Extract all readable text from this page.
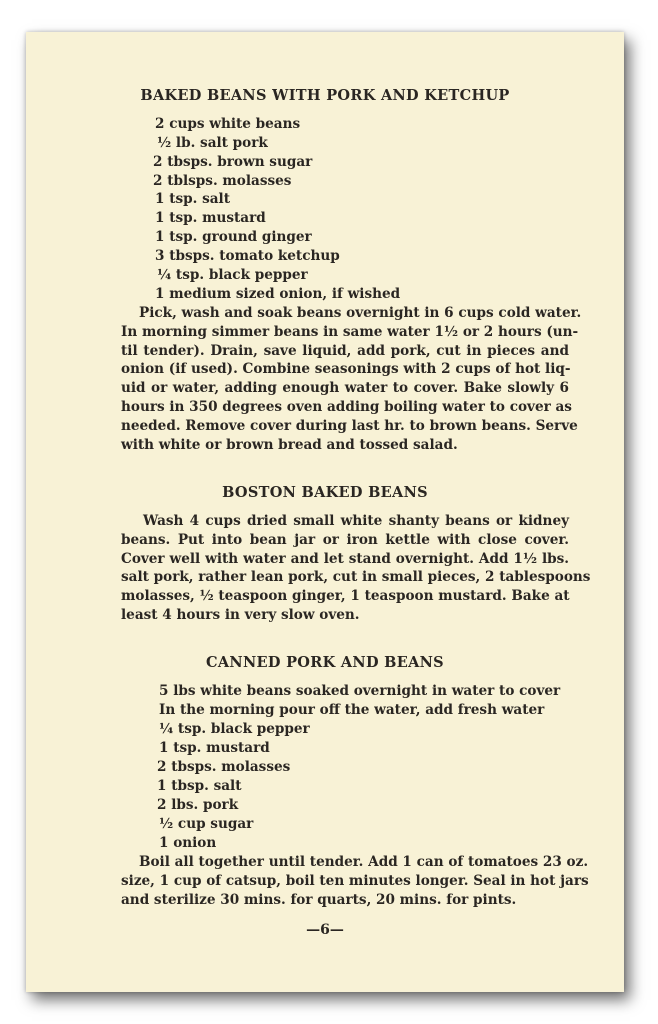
BAKED BEANS WITH PORK AND KETCHUP
2 cups white beans
½ lb. salt pork
2 tbsps. brown sugar
2 tblsps. molasses
1 tsp. salt
1 tsp. mustard
1 tsp. ground ginger
3 tbsps. tomato ketchup
¼ tsp. black pepper
1 medium sized onion, if wished
Pick, wash and soak beans overnight in 6 cups cold water.
In morning simmer beans in same water 1½ or 2 hours (un-
til tender). Drain, save liquid, add pork, cut in pieces and
onion (if used). Combine seasonings with 2 cups of hot liq-
uid or water, adding enough water to cover. Bake slowly 6
hours in 350 degrees oven adding boiling water to cover as
needed. Remove cover during last hr. to brown beans. Serve
with white or brown bread and tossed salad.
BOSTON BAKED BEANS
Wash 4 cups dried small white shanty beans or kidney
beans. Put into bean jar or iron kettle with close cover.
Cover well with water and let stand overnight. Add 1½ lbs.
salt pork, rather lean pork, cut in small pieces, 2 tablespoons
molasses, ½ teaspoon ginger, 1 teaspoon mustard. Bake at
least 4 hours in very slow oven.
CANNED PORK AND BEANS
5 lbs white beans soaked overnight in water to cover
In the morning pour off the water, add fresh water
¼ tsp. black pepper
1 tsp. mustard
2 tbsps. molasses
1 tbsp. salt
2 lbs. pork
½ cup sugar
1 onion
Boil all together until tender. Add 1 can of tomatoes 23 oz.
size, 1 cup of catsup, boil ten minutes longer. Seal in hot jars
and sterilize 30 mins. for quarts, 20 mins. for pints.
—6—
